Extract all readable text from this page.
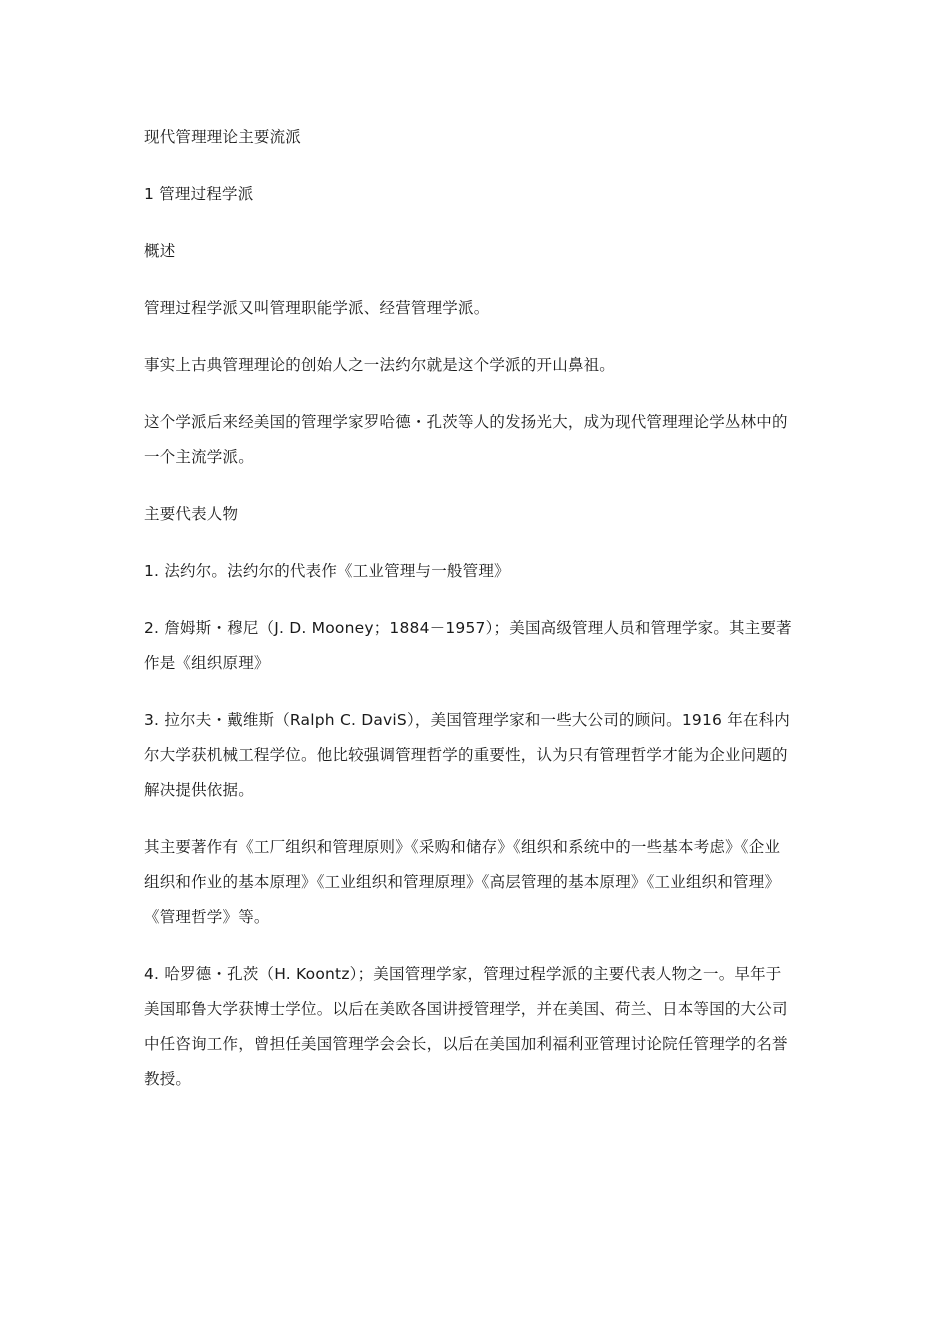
现代管理理论主要流派

1 管理过程学派

概述

管理过程学派又叫管理职能学派、经营管理学派。

事实上古典管理理论的创始人之一法约尔就是这个学派的开山鼻祖。

这个学派后来经美国的管理学家罗哈德・孔茨等人的发扬光大，成为现代管理理论学丛林中的一个主流学派。

主要代表人物

1. 法约尔。法约尔的代表作《工业管理与一般管理》

2. 詹姆斯・穆尼（J. D. Mooney；1884－1957）；美国高级管理人员和管理学家。其主要著作是《组织原理》

3. 拉尔夫・戴维斯（Ralph C. DaviS），美国管理学家和一些大公司的顾问。1916 年在科内尔大学获机械工程学位。他比较强调管理哲学的重要性，认为只有管理哲学才能为企业问题的解决提供依据。

其主要著作有《工厂组织和管理原则》《采购和储存》《组织和系统中的一些基本考虑》《企业组织和作业的基本原理》《工业组织和管理原理》《高层管理的基本原理》《工业组织和管理》《管理哲学》等。

4. 哈罗德・孔茨（H. Koontz）；美国管理学家，管理过程学派的主要代表人物之一。早年于美国耶鲁大学获博士学位。以后在美欧各国讲授管理学，并在美国、荷兰、日本等国的大公司中任咨询工作，曾担任美国管理学会会长，以后在美国加利福利亚管理讨论院任管理学的名誉教授。
